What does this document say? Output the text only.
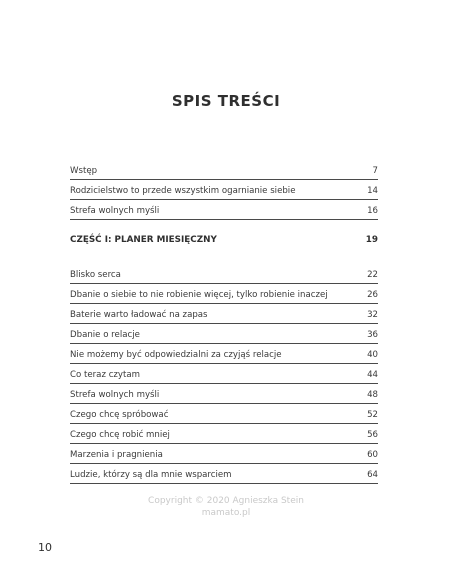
SPIS TREŚCI
Wstęp	7
Rodzicielstwo to przede wszystkim ogarnianie siebie	14
Strefa wolnych myśli	16
CZĘŚĆ I: PLANER MIESIĘCZNY	19
Blisko serca	22
Dbanie o siebie to nie robienie więcej, tylko robienie inaczej	26
Baterie warto ładować na zapas	32
Dbanie o relacje	36
Nie możemy być odpowiedzialni za czyjąś relacje	40
Co teraz czytam	44
Strefa wolnych myśli	48
Czego chcę spróbować	52
Czego chcę robić mniej	56
Marzenia i pragnienia	60
Ludzie, którzy są dla mnie wsparciem	64
Copyright © 2020 Agnieszka Stein
mamato.pl
10
